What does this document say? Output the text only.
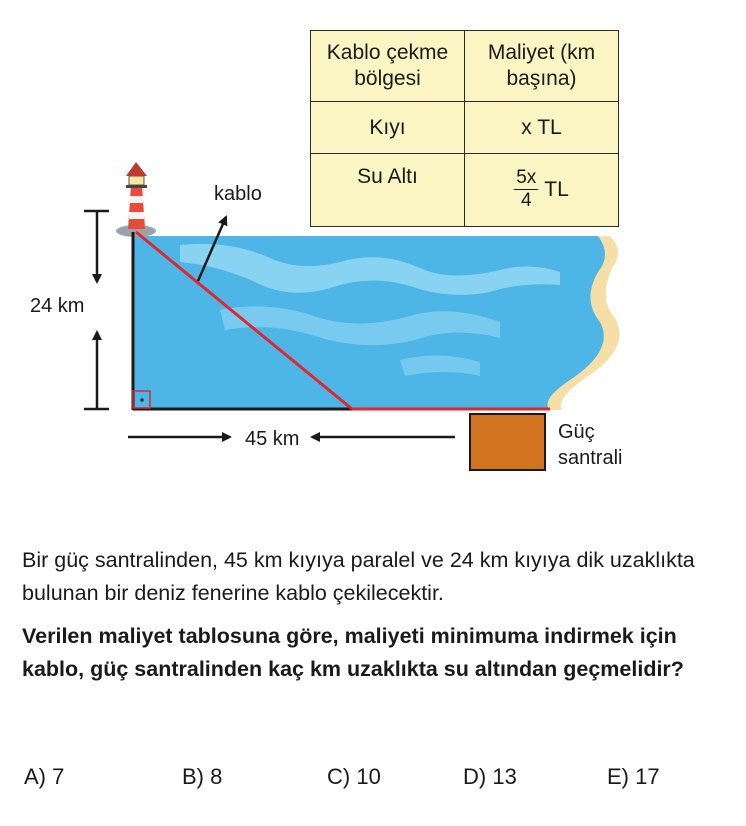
kablo
24 km
45 km	Güç
santrali
Kablo çekme bölgesi	Maliyet (km başına)
Kıyı	x TL
Su Altı	$\frac{5x}{4}$ TL

Bir güç santralinden, 45 km kıyıya paralel ve 24 km kıyıya dik uzaklıkta bulunan bir deniz fenerine kablo çekilecektir.

Verilen maliyet tablosuna göre, maliyeti minimuma indirmek için kablo, güç santralinden kaç km uzaklıkta su altından geçmelidir?

A) 7	B) 8	C) 10	D) 13	E) 17
